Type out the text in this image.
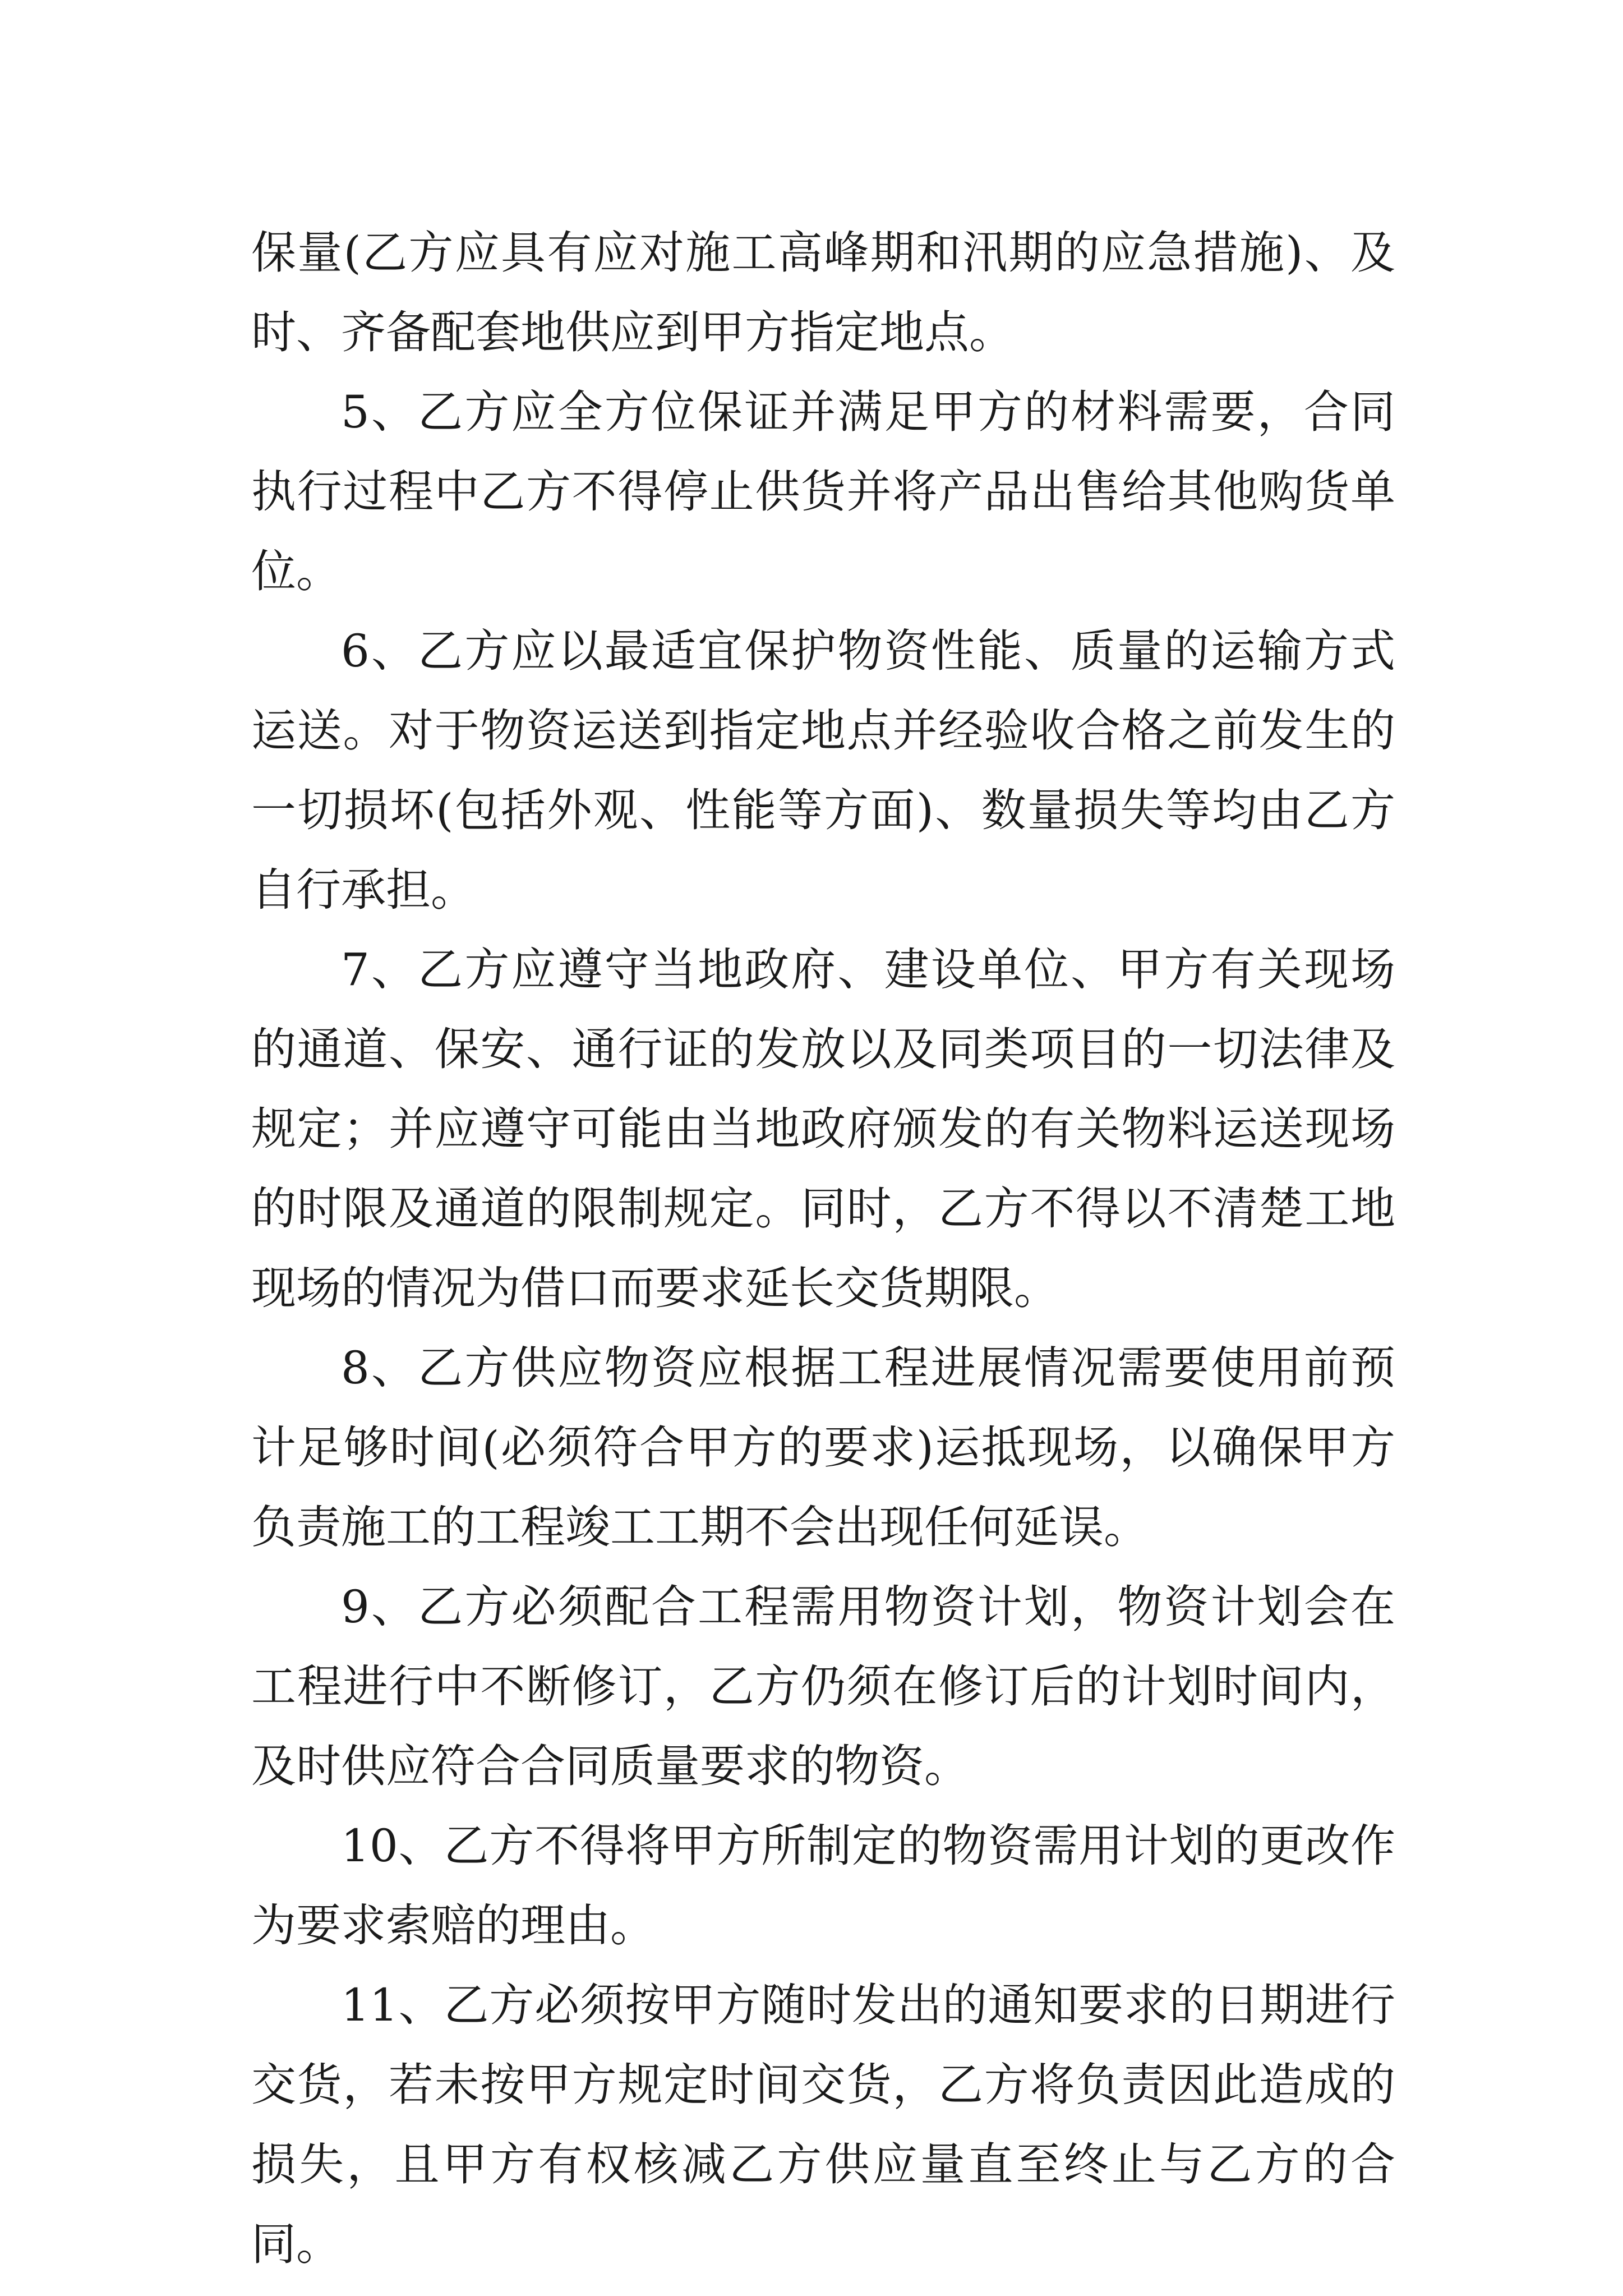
保量(乙方应具有应对施工高峰期和汛期的应急措施)、及时、齐备配套地供应到甲方指定地点。

5、乙方应全方位保证并满足甲方的材料需要，合同执行过程中乙方不得停止供货并将产品出售给其他购货单位。

6、乙方应以最适宜保护物资性能、质量的运输方式运送。对于物资运送到指定地点并经验收合格之前发生的一切损坏(包括外观、性能等方面)、数量损失等均由乙方自行承担。

7、乙方应遵守当地政府、建设单位、甲方有关现场的通道、保安、通行证的发放以及同类项目的一切法律及规定；并应遵守可能由当地政府颁发的有关物料运送现场的时限及通道的限制规定。同时，乙方不得以不清楚工地现场的情况为借口而要求延长交货期限。

8、乙方供应物资应根据工程进展情况需要使用前预计足够时间(必须符合甲方的要求)运抵现场，以确保甲方负责施工的工程竣工工期不会出现任何延误。

9、乙方必须配合工程需用物资计划，物资计划会在工程进行中不断修订，乙方仍须在修订后的计划时间内，及时供应符合合同质量要求的物资。

10、乙方不得将甲方所制定的物资需用计划的更改作为要求索赔的理由。

11、乙方必须按甲方随时发出的通知要求的日期进行交货，若未按甲方规定时间交货，乙方将负责因此造成的损失，且甲方有权核减乙方供应量直至终止与乙方的合同。
